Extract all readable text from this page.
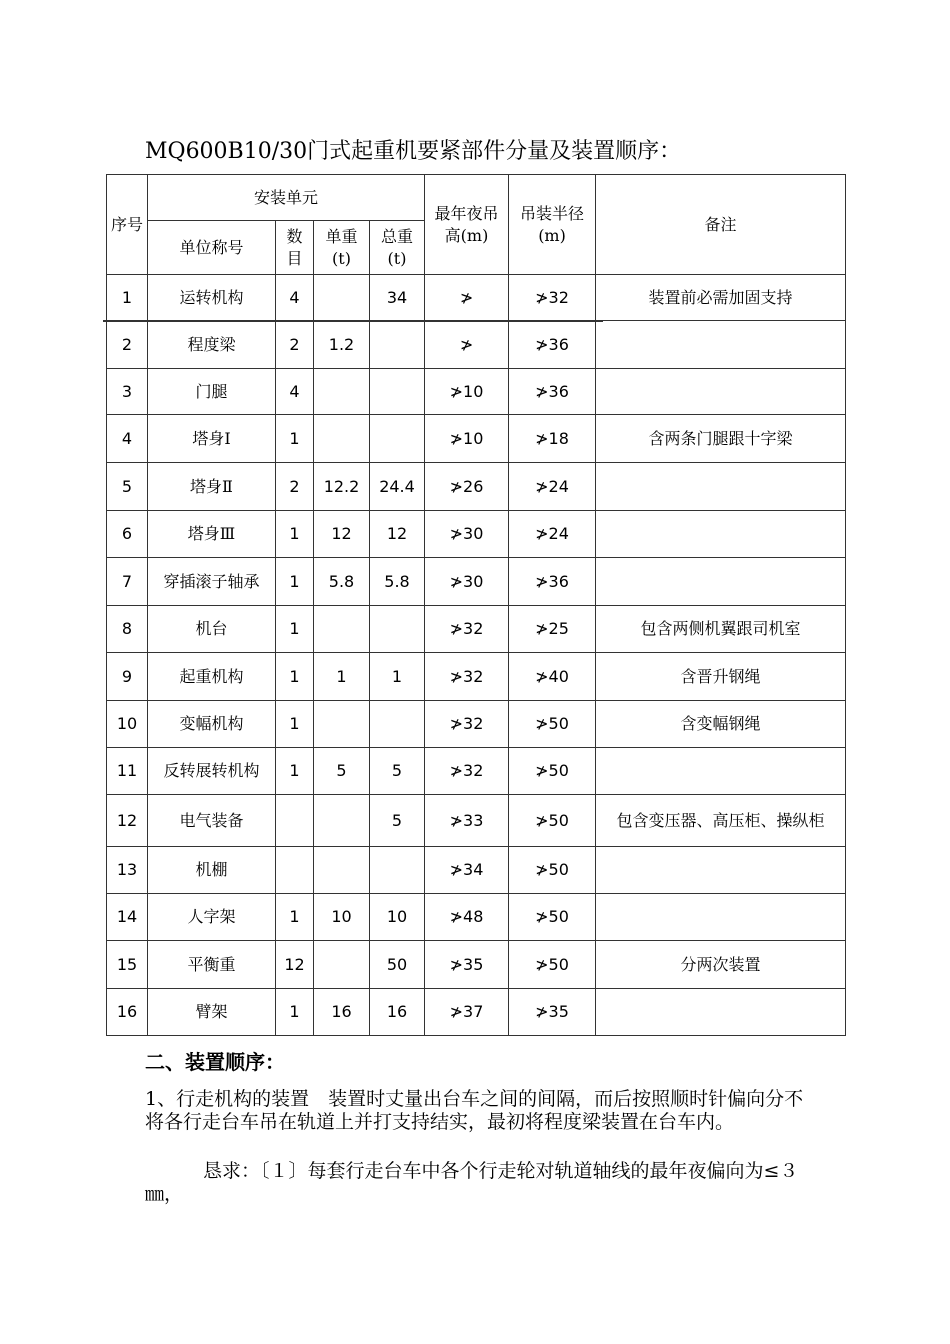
MQ600B10/30门式起重机要紧部件分量及装置顺序：
序号	安装单元				最年夜吊高(m)	吊装半径(m)	备注
	单位称号	数目	单重(t)	总重(t)			
1	运转机构	4		34	≯	≯32	装置前必需加固支持
2	程度梁	2	1.2		≯	≯36	
3	门腿	4			≯10	≯36	
4	塔身Ⅰ	1			≯10	≯18	含两条门腿跟十字梁
5	塔身Ⅱ	2	12.2	24.4	≯26	≯24	
6	塔身Ⅲ	1	12	12	≯30	≯24	
7	穿插滚子轴承	1	5.8	5.8	≯30	≯36	
8	机台	1			≯32	≯25	包含两侧机翼跟司机室
9	起重机构	1	1	1	≯32	≯40	含晋升钢绳
10	变幅机构	1			≯32	≯50	含变幅钢绳
11	反转展转机构	1	5	5	≯32	≯50	
12	电气装备			5	≯33	≯50	包含变压器、高压柜、操纵柜
13	机棚				≯34	≯50	
14	人字架	1	10	10	≯48	≯50	
15	平衡重	12		50	≯35	≯50	分两次装置
16	臂架	1	16	16	≯37	≯35	
二、装置顺序：
1、行走机构的装置　装置时丈量出台车之间的间隔，而后按照顺时针偏向分不将各行走台车吊在轨道上并打支持结实，最初将程度梁装置在台车内。
恳求：〔１〕每套行走台车中各个行走轮对轨道轴线的最年夜偏向为≤３㎜，
